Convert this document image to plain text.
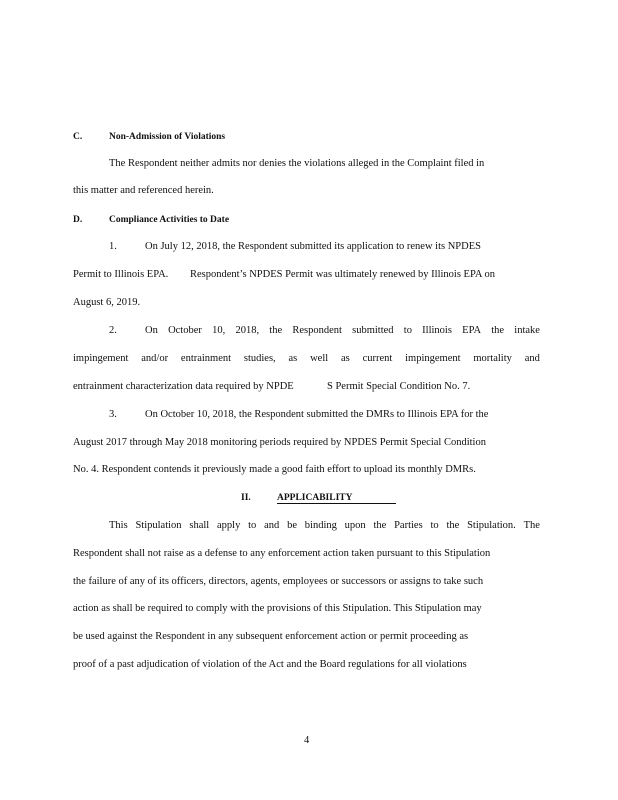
C.	Non-Admission of Violations
The Respondent neither admits nor denies the violations alleged in the Complaint filed in
this matter and referenced herein.
D.	Compliance Activities to Date
1.	On July 12, 2018, the Respondent submitted its application to renew its NPDES
Permit to Illinois EPA. Respondent’s NPDES Permit was ultimately renewed by Illinois EPA on
August 6, 2019.
2.	On October 10, 2018, the Respondent submitted to Illinois EPA the intake
impingement and/or entrainment studies, as well as current impingement mortality and
entrainment characterization data required by NPDE	S Permit Special Condition No. 7.
3.	On October 10, 2018, the Respondent submitted the DMRs to Illinois EPA for the
August 2017 through May 2018 monitoring periods required by NPDES Permit Special Condition
No. 4. Respondent contends it previously made a good faith effort to upload its monthly DMRs.
II.	APPLICABILITY
This Stipulation shall apply to and be binding upon the Parties to the Stipulation. The
Respondent shall not raise as a defense to any enforcement action taken pursuant to this Stipulation
the failure of any of its officers, directors, agents, employees or successors or assigns to take such
action as shall be required to comply with the provisions of this Stipulation. This Stipulation may
be used against the Respondent in any subsequent enforcement action or permit proceeding as
proof of a past adjudication of violation of the Act and the Board regulations for all violations
4
